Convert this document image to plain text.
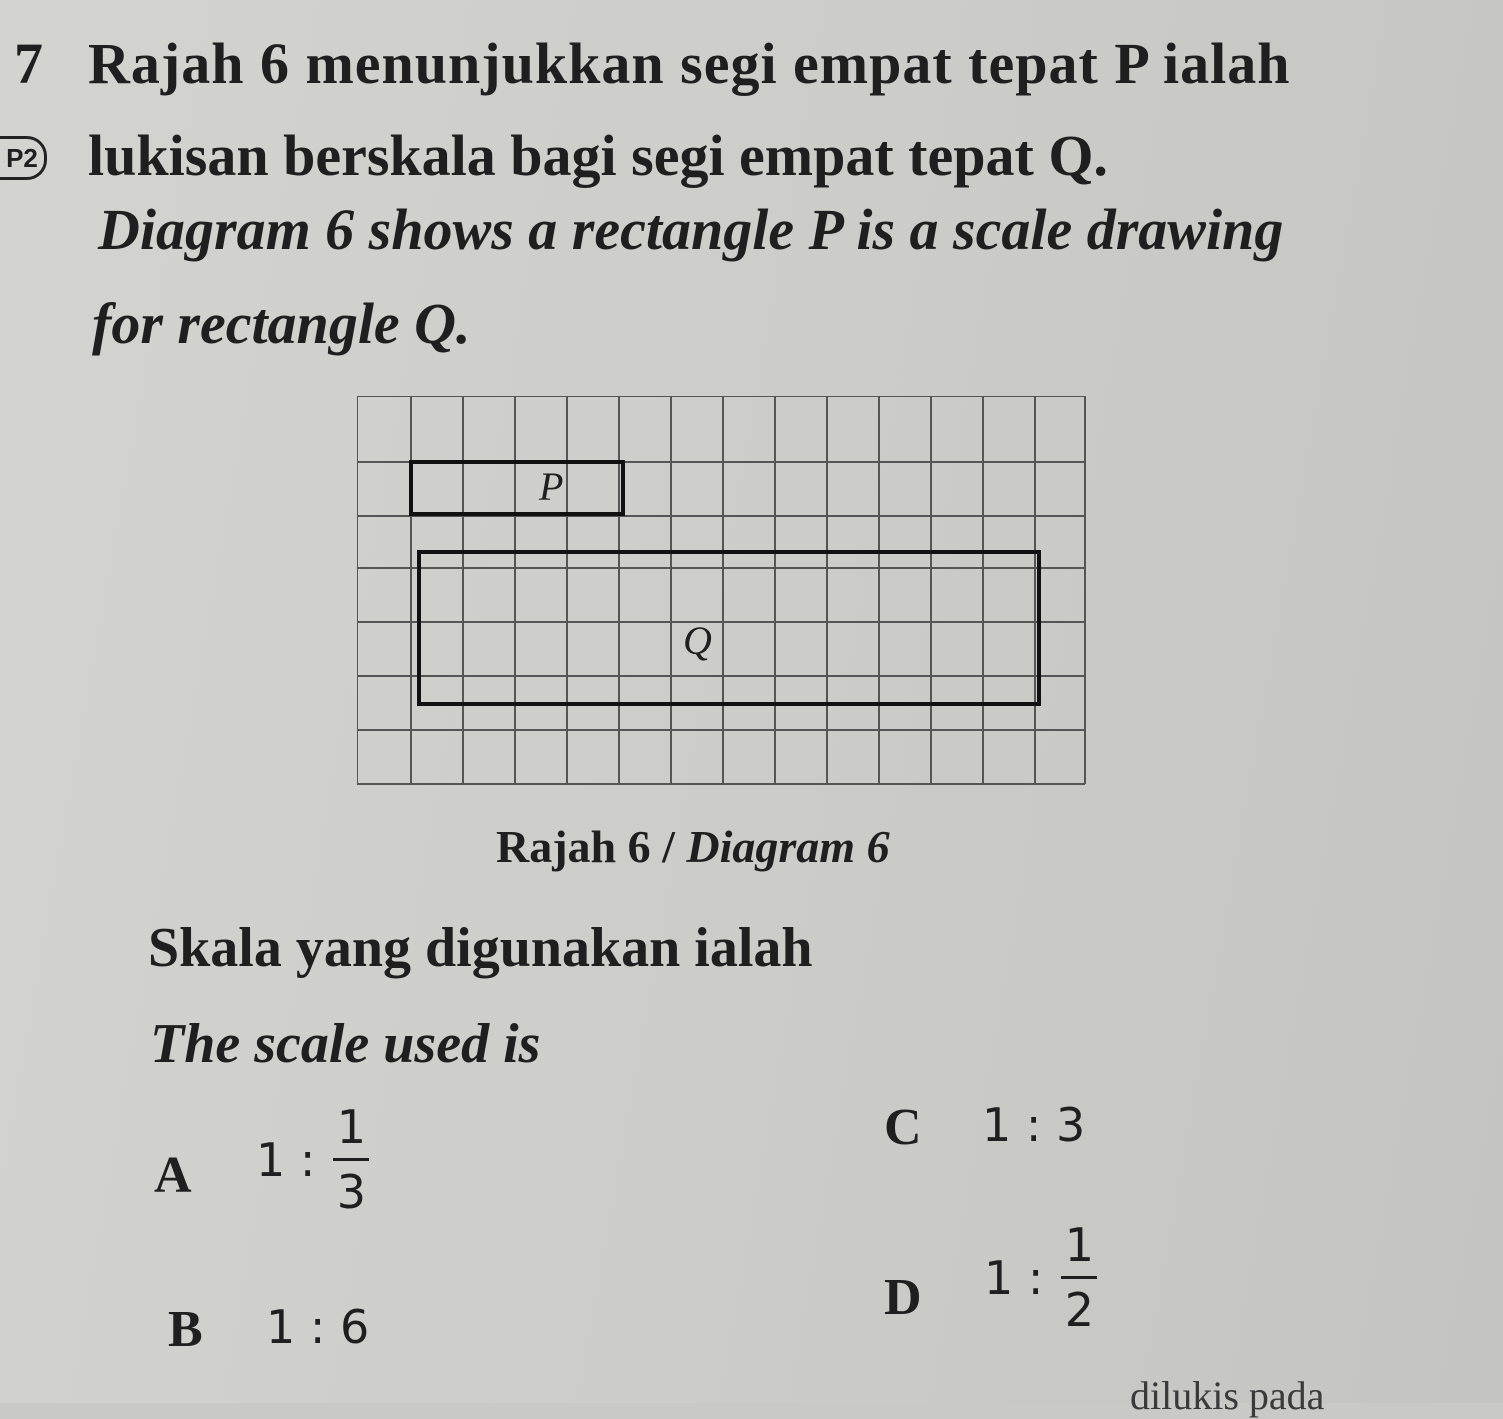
7 Rajah 6 menunjukkan segi empat tepat P ialah
P2 lukisan berskala bagi segi empat tepat Q.
Diagram 6 shows a rectangle P is a scale drawing
for rectangle Q.
P
Q
Rajah 6 / Diagram 6
Skala yang digunakan ialah
The scale used is
A 1 : $\frac{1}{3}$
B 1 : 6
C 1 : 3
D 1 : $\frac{1}{2}$
dilukis pada
